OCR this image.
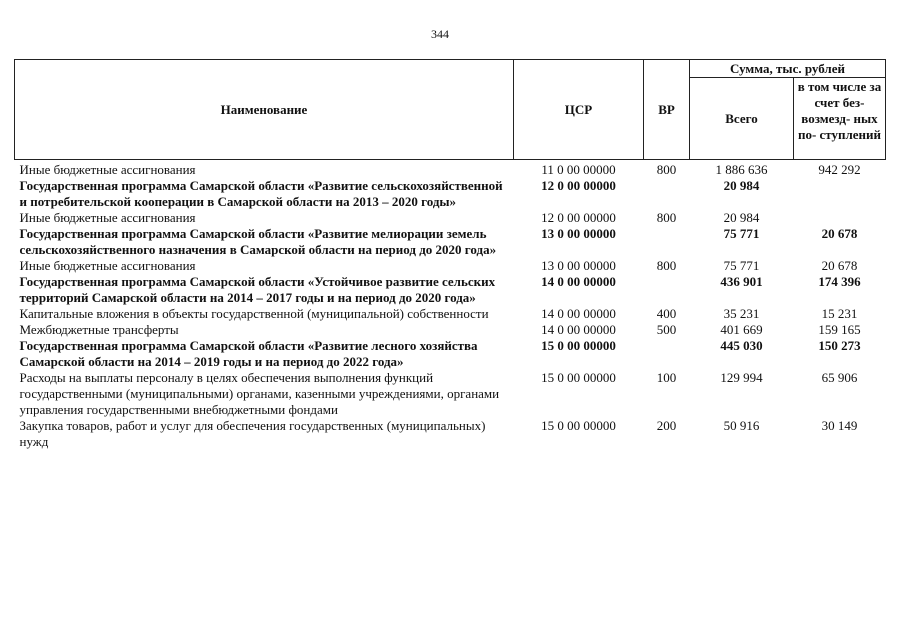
344
Наименование	ЦСР	ВР	Сумма, тыс. рублей	
			Всего	в том числе за счет без- возмезд- ных по- ступлений
Иные бюджетные ассигнования	11 0 00 00000	800	1 886 636	942 292
Государственная программа Самарской области «Развитие сельскохозяйственной и потребительской кооперации в Самарской области на 2013 – 2020 годы»	12 0 00 00000		20 984	
Иные бюджетные ассигнования	12 0 00 00000	800	20 984	
Государственная программа Самарской области «Развитие мелиорации земель сельскохозяйственного назначения в Самарской области на период до 2020 года»	13 0 00 00000		75 771	20 678
Иные бюджетные ассигнования	13 0 00 00000	800	75 771	20 678
Государственная программа Самарской области «Устойчивое развитие сельских территорий Самарской области на 2014 – 2017 годы и на период до 2020 года»	14 0 00 00000		436 901	174 396
Капитальные вложения в объекты государственной (муниципальной) собственности	14 0 00 00000	400	35 231	15 231
Межбюджетные трансферты	14 0 00 00000	500	401 669	159 165
Государственная программа Самарской области «Развитие лесного хозяйства Самарской области на 2014 – 2019 годы и на период до 2022 года»	15 0 00 00000		445 030	150 273
Расходы на выплаты персоналу в целях обеспечения выполнения функций государственными (муниципальными) органами, казенными учреждениями, органами управления государственными внебюджетными фондами	15 0 00 00000	100	129 994	65 906
Закупка товаров, работ и услуг для обеспечения государственных (муниципальных) нужд	15 0 00 00000	200	50 916	30 149
